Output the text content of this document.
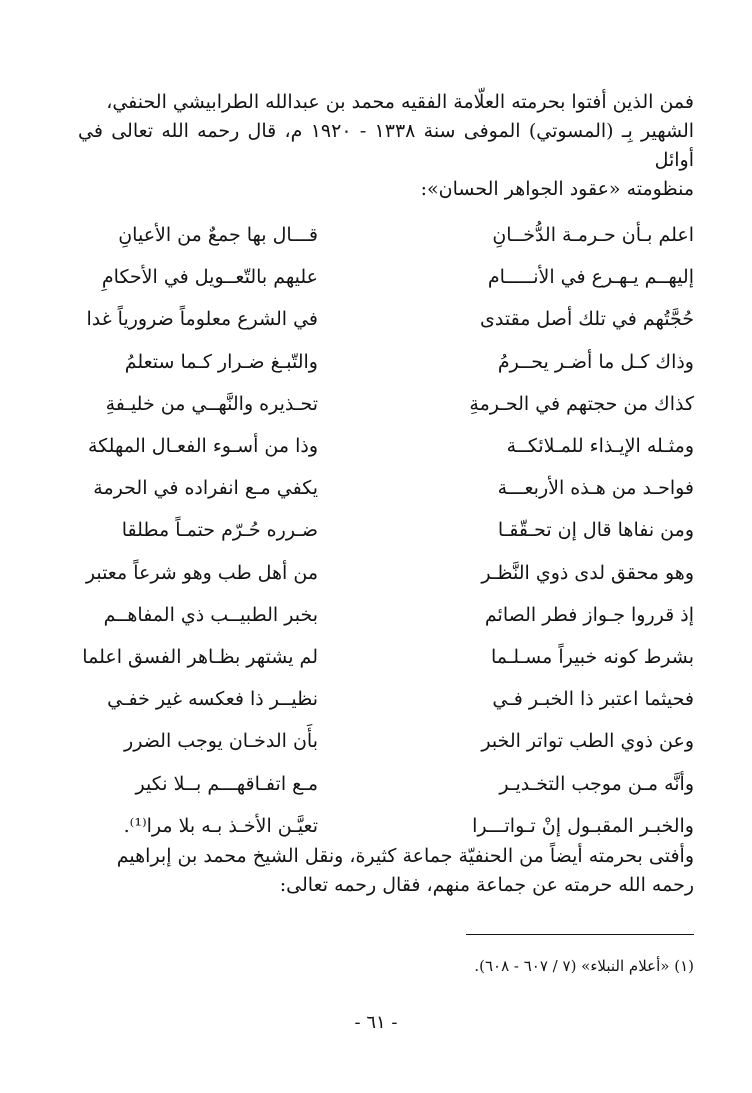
فمن الذين أفتوا بحرمته العلّامة الفقيه محمد بن عبدالله الطرابيشي الحنفي،
الشهير بِـ (المسوتي) الموفى سنة ١٣٣٨ - ١٩٢٠ م، قال رحمه الله تعالى في أوائل
منظومته «عقود الجواهر الحسان»:
اعلم بـأن حـرمـة الدُّخــانِ
قـــال بها جمعٌ من الأعيانِ
إليهــم يـهـرع في الأنـــــام
عليهم بالتّعــويل في الأحكامِ
حُجَّتُهم في تلك أصل مقتدى
في الشرع معلوماً ضرورياً غدا
وذاك كـل ما أضـر يحــرمُ
والتّبـغ ضـرار كـما ستعلمُ
كذاك من حجتهم في الحـرمةِ
تحـذيره والنَّهــي من خليـفةِ
ومثـله الإيـذاء للمـلائكــة
وذا من أسـوء الفعـال المهلكة
فواحـد من هـذه الأربعـــة
يكفي مـع انفراده في الحرمة
ومن نفاها قال إن تحـقّقـا
ضـرره حُـرّم حتمـاً مطلقا
وهو محقق لدى ذوي النَّظـر
من أهل طب وهو شرعاً معتبر
إذ قرروا جـواز فطر الصائم
بخبر الطبيــب ذي المفاهــم
بشرط كونه خبيراً مسـلـما
لم يشتهر بظـاهر الفسق اعلما
فحيثما اعتبر ذا الخبـر فـي
نظيــر ذا فعكسه غير خفـي
وعن ذوي الطب تواتر الخبر
بأَن الدخـان يوجب الضرر
وأنَّه مـن موجب التخـديـر
مـع اتفـاقهـــم بــلا نكير
والخبـر المقبـول إنْ تـواتـــرا
تعيَّـن الأخـذ بـه بلا مرا⁽¹⁾.
وأفتى بحرمته أيضاً من الحنفيّة جماعة كثيرة، ونقل الشيخ محمد بن إبراهيم
رحمه الله حرمته عن جماعة منهم، فقال رحمه تعالى:
(١) «أعلام النبلاء» (٧ / ٦٠٧ - ٦٠٨).
- ٦١ -
